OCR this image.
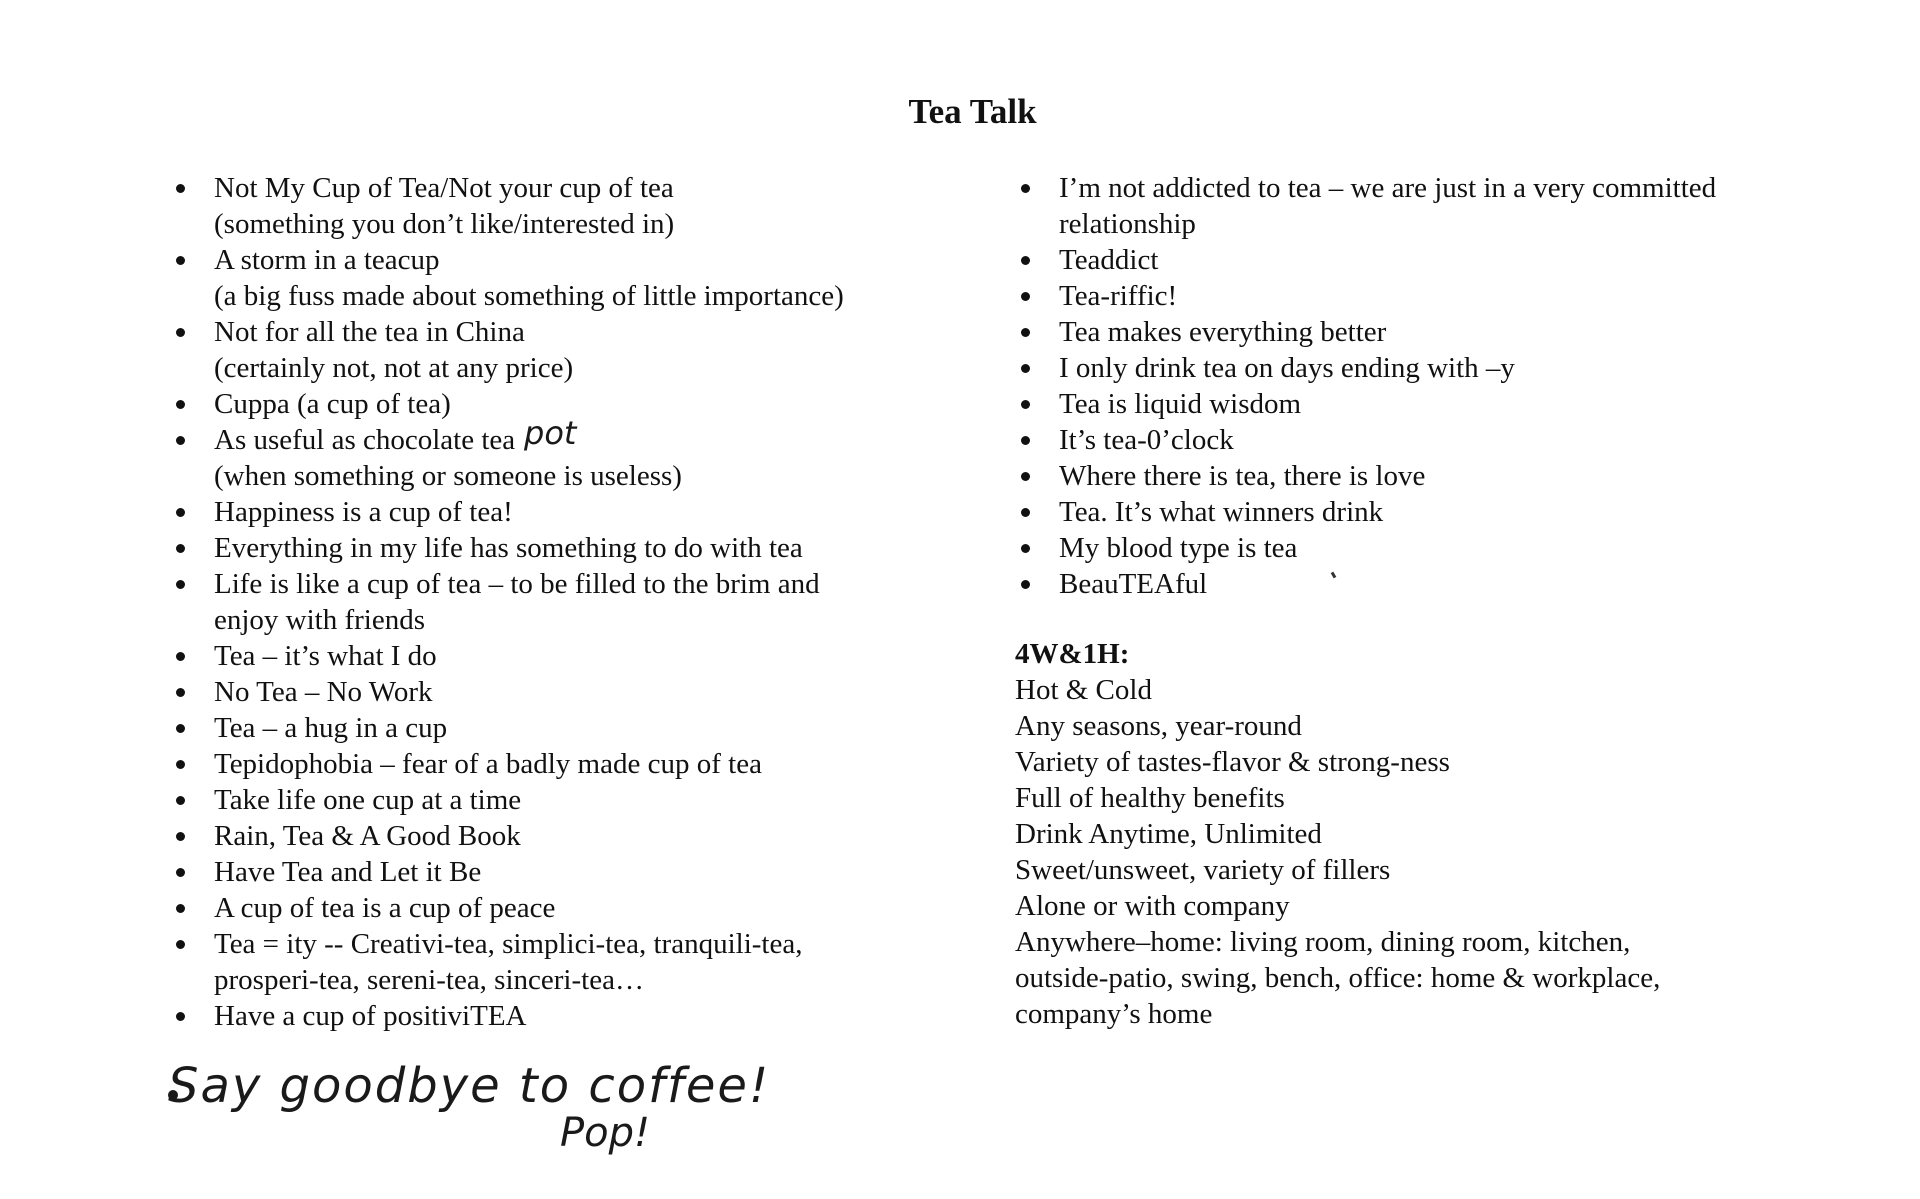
Tea Talk
Not My Cup of Tea/Not your cup of tea
(something you don’t like/interested in)
A storm in a teacup
(a big fuss made about something of little importance)
Not for all the tea in China
(certainly not, not at any price)
Cuppa (a cup of tea)
As useful as chocolate tea
(when something or someone is useless)
Happiness is a cup of tea!
Everything in my life has something to do with tea
Life is like a cup of tea – to be filled to the brim and
enjoy with friends
Tea – it’s what I do
No Tea – No Work
Tea – a hug in a cup
Tepidophobia – fear of a badly made cup of tea
Take life one cup at a time
Rain, Tea & A Good Book
Have Tea and Let it Be
A cup of tea is a cup of peace
Tea = ity -- Creativi-tea, simplici-tea, tranquili-tea,
prosperi-tea, sereni-tea, sinceri-tea…
Have a cup of positiviTEA
I’m not addicted to tea – we are just in a very committed
relationship
Teaddict
Tea-riffic!
Tea makes everything better
I only drink tea on days ending with –y
Tea is liquid wisdom
It’s tea-0’clock
Where there is tea, there is love
Tea. It’s what winners drink
My blood type is tea
BeauTEAful
4W&1H:
Hot & Cold
Any seasons, year-round
Variety of tastes-flavor & strong-ness
Full of healthy benefits
Drink Anytime, Unlimited
Sweet/unsweet, variety of fillers
Alone or with company
Anywhere–home: living room, dining room, kitchen,
outside-patio, swing, bench, office: home & workplace,
company’s home
pot
Say goodbye to coffee!
Pop!
